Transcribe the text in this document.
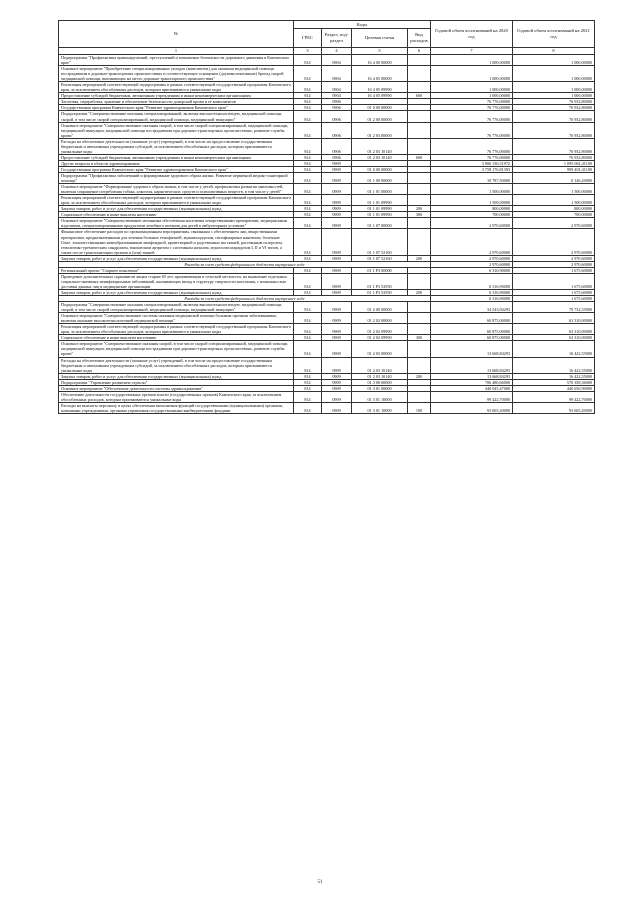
№	Коды				Годовой объем ассигнований на 2020 год	Годовой объем ассигнований на 2021 год
	ГРБС	Раздел, под-раздел	Целевая статья	Вид расходов		
1	3	4	5	6	7	8
Подпрограмма "Профилактика правонарушений, преступлений и повышение безопасности дорожного движения в Камчатском крае"	814	0904	16 4 00 00000		1 000,00000	1 000,00000
Основное мероприятие "Приобретение специализированных укладок (комплектов) для оказания медицинской помощи пострадавшим в дорожно-транспортных происшествиях и соответствующее оснащение (доукомплектование) бригад скорой медицинской помощи, выезжающих на место дорожно-транспортного происшествия"	814	0904	16 4 05 00000		1 000,00000	1 000,00000
Реализация мероприятий соответствующей подпрограммы в рамках соответствующей государственной программы Камчатского края, за исключением обособленных расходов, которым присваиваются уникальные коды	814	0904	16 4 05 09990		1 000,00000	1 000,00000
Предоставление субсидий бюджетным, автономным учреждениям и иным некоммерческим организациям	814	0904	16 4 05 09990	600	1 000,00000	1 000,00000
Заготовка, переработка, хранение и обеспечение безопасности донорской крови и ее компонентов	814	0906			76 776,00000	76 932,80000
Государственная программа Камчатского края "Развитие здравоохранения Камчатского края"	814	0906	01 0 00 00000		76 776,00000	76 932,80000
Подпрограмма "Совершенствование оказания специализированной, включая высокотехнологичную, медицинской помощи, скорой, в том числе скорой специализированной, медицинской помощи, медицинской эвакуации"	814	0906	01 2 00 00000		76 776,00000	76 932,80000
Основное мероприятие "Совершенствование оказания скорой, в том числе скорой специализированной, медицинской помощи, медицинской эвакуации, медицинской помощи пострадавшим при дорожно-транспортных происшествиях, развитие службы крови"	814	0906	01 2 03 00000		76 776,00000	76 932,80000
Расходы на обеспечение деятельности (оказание услуг) учреждений, в том числе на предоставление государственным бюджетным и автономным учреждениям субсидий, за исключением обособленных расходов, которым присваиваются уникальные коды	814	0906	01 2 03 10140		76 776,00000	76 932,80000
Предоставление субсидий бюджетным, автономным учреждениям и иным некоммерческим организациям	814	0906	01 2 03 10140	600	76 776,00000	76 932,80000
Другие вопросы в области здравоохранения	814	0909			3 906 136,31972	1 095 061,41100
Государственная программа Камчатского края "Развитие здравоохранения Камчатского края"	814	0909	01 0 00 00000		3 758 176,81393	999 401,41100
Подпрограмма "Профилактика заболеваний и формирование здорового образа жизни. Развитие первичной медико-санитарной помощи"	814	0909	01 1 00 00000		10 787,50000	6 146,20000
Основное мероприятие "Формирование здорового образа жизни, в том числе у детей, профилактика развития зависимостей, включая сокращение потребления табака, алкоголя, наркотических средств и психоактивных веществ, в том числе у детей"	814	0909	01 1 01 00000		1 500,00000	1 500,00000
Реализация мероприятий соответствующей подпрограммы в рамках соответствующей государственной программы Камчатского края, за исключением обособленных расходов, которым присваиваются уникальные коды	814	0909	01 1 01 09990		1 500,00000	1 500,00000
Закупка товаров, работ и услуг для обеспечения государственных (муниципальных) нужд	814	0909	01 1 01 09990	200	800,00000	800,00000
Социальное обеспечение и иные выплаты населению	814	0909	01 1 01 09990	300	700,00000	700,00000
Основное мероприятие "Совершенствование механизма обеспечения населения лекарственными препаратами, медицинскими изделиями, специализированными продуктами лечебного питания для детей в амбулаторных условиях"	814	0909	01 1 07 00000		2 970,60000	2 970,60000
Финансовое обеспечение расходов по организационным мероприятиям, связанным с обеспечением лиц лекарственными препаратами, предназначенными для лечения больных гемофилией, муковисцидозом, гипофизарным нанизмом, болезнью Гоше, злокачественными новообразованиями лимфоидной, кроветворной и родственных им тканей, рассеянным склерозом, гемолитико-уремическим синдромом, юношеским артритом с системным началом, мукополисахаридозом I, II и VI типов, а также после трансплантации органов и (или) тканей	814	0909	01 1 07 52160		2 970,60000	2 970,60000
Закупка товаров, работ и услуг для обеспечения государственных (муниципальных) нужд	814	0909	01 1 07 52160	200	2 970,60000	2 970,60000
Расходы за счет средств федерального бюджета внутреннее ходе					2 970,60000	2 970,60000
Региональный проект "Старшее поколение"	814	0909	01 1 P3 00000		6 316,90000	1 675,60000
Проведение дополнительных скринингов лицам старше 65 лет, проживающим в сельской местности, на выявление отдельных социально-значимых неинфекционных заболеваний, оказывающих вклад в структуру смертности населения, с возможностью доставки данных лиц в медицинские организации	814	0909	01 1 P3 52950		6 316,90000	1 675,60000
Закупка товаров, работ и услуг для обеспечения государственных (муниципальных) нужд	814	0909	01 1 P3 52950	200	6 316,90000	1 675,60000
Расходы за счет средств федерального бюджета внутреннее ходе					6 316,90000	1 675,60000
Подпрограмма "Совершенствование оказания специализированной, включая высокотехнологичную, медицинской помощи, скорой, в том числе скорой специализированной, медицинской помощи, медицинской эвакуации"	814	0909	01 2 00 00000		34 543,94293	79 732,55000
Основное мероприятие "Совершенствование системы оказания медицинской помощи больным прочими заболеваниями, включая оказание высокотехнологичной медицинской помощи"	814	0909	01 2 02 00000		60 875,00000	63 310,00000
Реализация мероприятий соответствующей подпрограммы в рамках соответствующей государственной программы Камчатского края, за исключением обособленных расходов, которым присваиваются уникальные коды	814	0909	01 2 02 09990		60 875,00000	63 310,00000
Социальное обеспечение и иные выплаты населению	814	0909	01 2 02 09990	300	60 875,00000	63 310,00000
Основное мероприятие "Совершенствование оказания скорой, в том числе скорой специализированной, медицинской помощи, медицинской эвакуации, медицинской помощи пострадавшим при дорожно-транспортных происшествиях, развитие службы крови"	814	0909	01 2 03 00000		13 668,84293	16 422,55000
Расходы на обеспечение деятельности (оказание услуг) учреждений, в том числе на предоставление государственным бюджетным и автономным учреждениям субсидий, за исключением обособленных расходов, которым присваиваются уникальные коды	814	0909	01 2 03 10140		13 668,84293	16 422,55000
Закупка товаров, работ и услуг для обеспечения государственных (муниципальных) нужд	814	0909	01 2 03 10140	200	13 668,84293	16 422,55000
Подпрограмма "Управление развитием отрасли"	814	0909	01 3 00 00000		706 480,66000	570 358,36000
Основное мероприятие "Обеспечение деятельности системы здравоохранения"	814	0909	01 3 01 00000		440 045,47000	440 650,90000
Обеспечение деятельности государственных органов власти (государственных органов) Камчатского края, за исключением обособленных расходов, которым присваиваются уникальные коды	814	0909	01 3 01 10000		99 422,70000	99 422,70000
Расходы на выплаты персоналу в целях обеспечения выполнения функций государственными (муниципальными) органами, казенными учреждениями, органами управления государственными внебюджетными фондами	814	0909	01 3 01 10000	100	93 605,20000	93 605,20000
51
